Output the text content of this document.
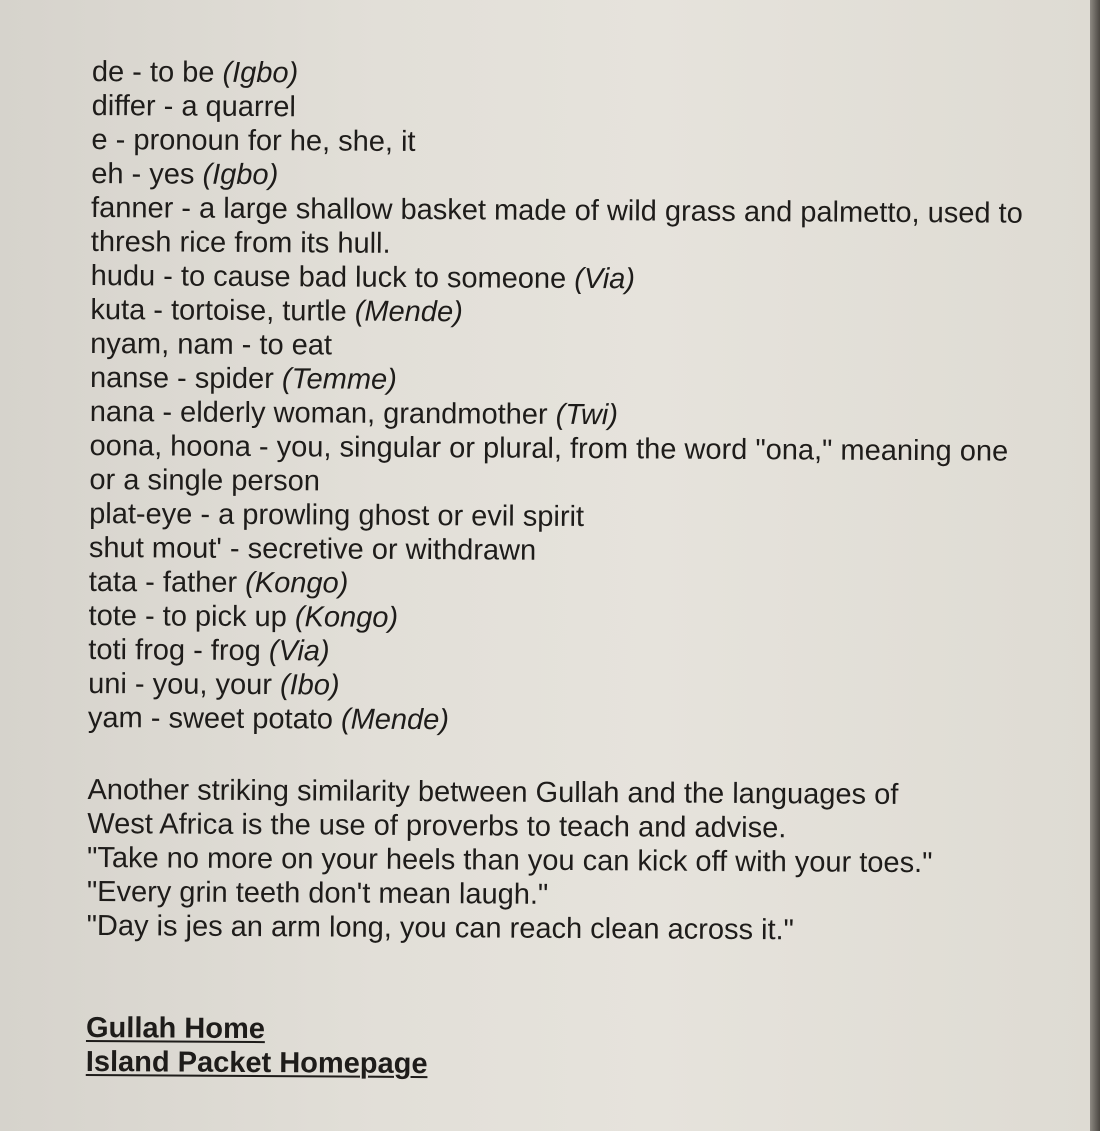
de - to be (Igbo)
differ - a quarrel
e - pronoun for he, she, it
eh - yes (Igbo)
fanner - a large shallow basket made of wild grass and palmetto, used to thresh rice from its hull.
hudu - to cause bad luck to someone (Via)
kuta - tortoise, turtle (Mende)
nyam, nam - to eat
nanse - spider (Temme)
nana - elderly woman, grandmother (Twi)
oona, hoona - you, singular or plural, from the word "ona," meaning one or a single person
plat-eye - a prowling ghost or evil spirit
shut mout' - secretive or withdrawn
tata - father (Kongo)
tote - to pick up (Kongo)
toti frog - frog (Via)
uni - you, your (Ibo)
yam - sweet potato (Mende)
Another striking similarity between Gullah and the languages of
West Africa is the use of proverbs to teach and advise.
"Take no more on your heels than you can kick off with your toes."
"Every grin teeth don't mean laugh."
"Day is jes an arm long, you can reach clean across it."
Gullah Home
Island Packet Homepage
